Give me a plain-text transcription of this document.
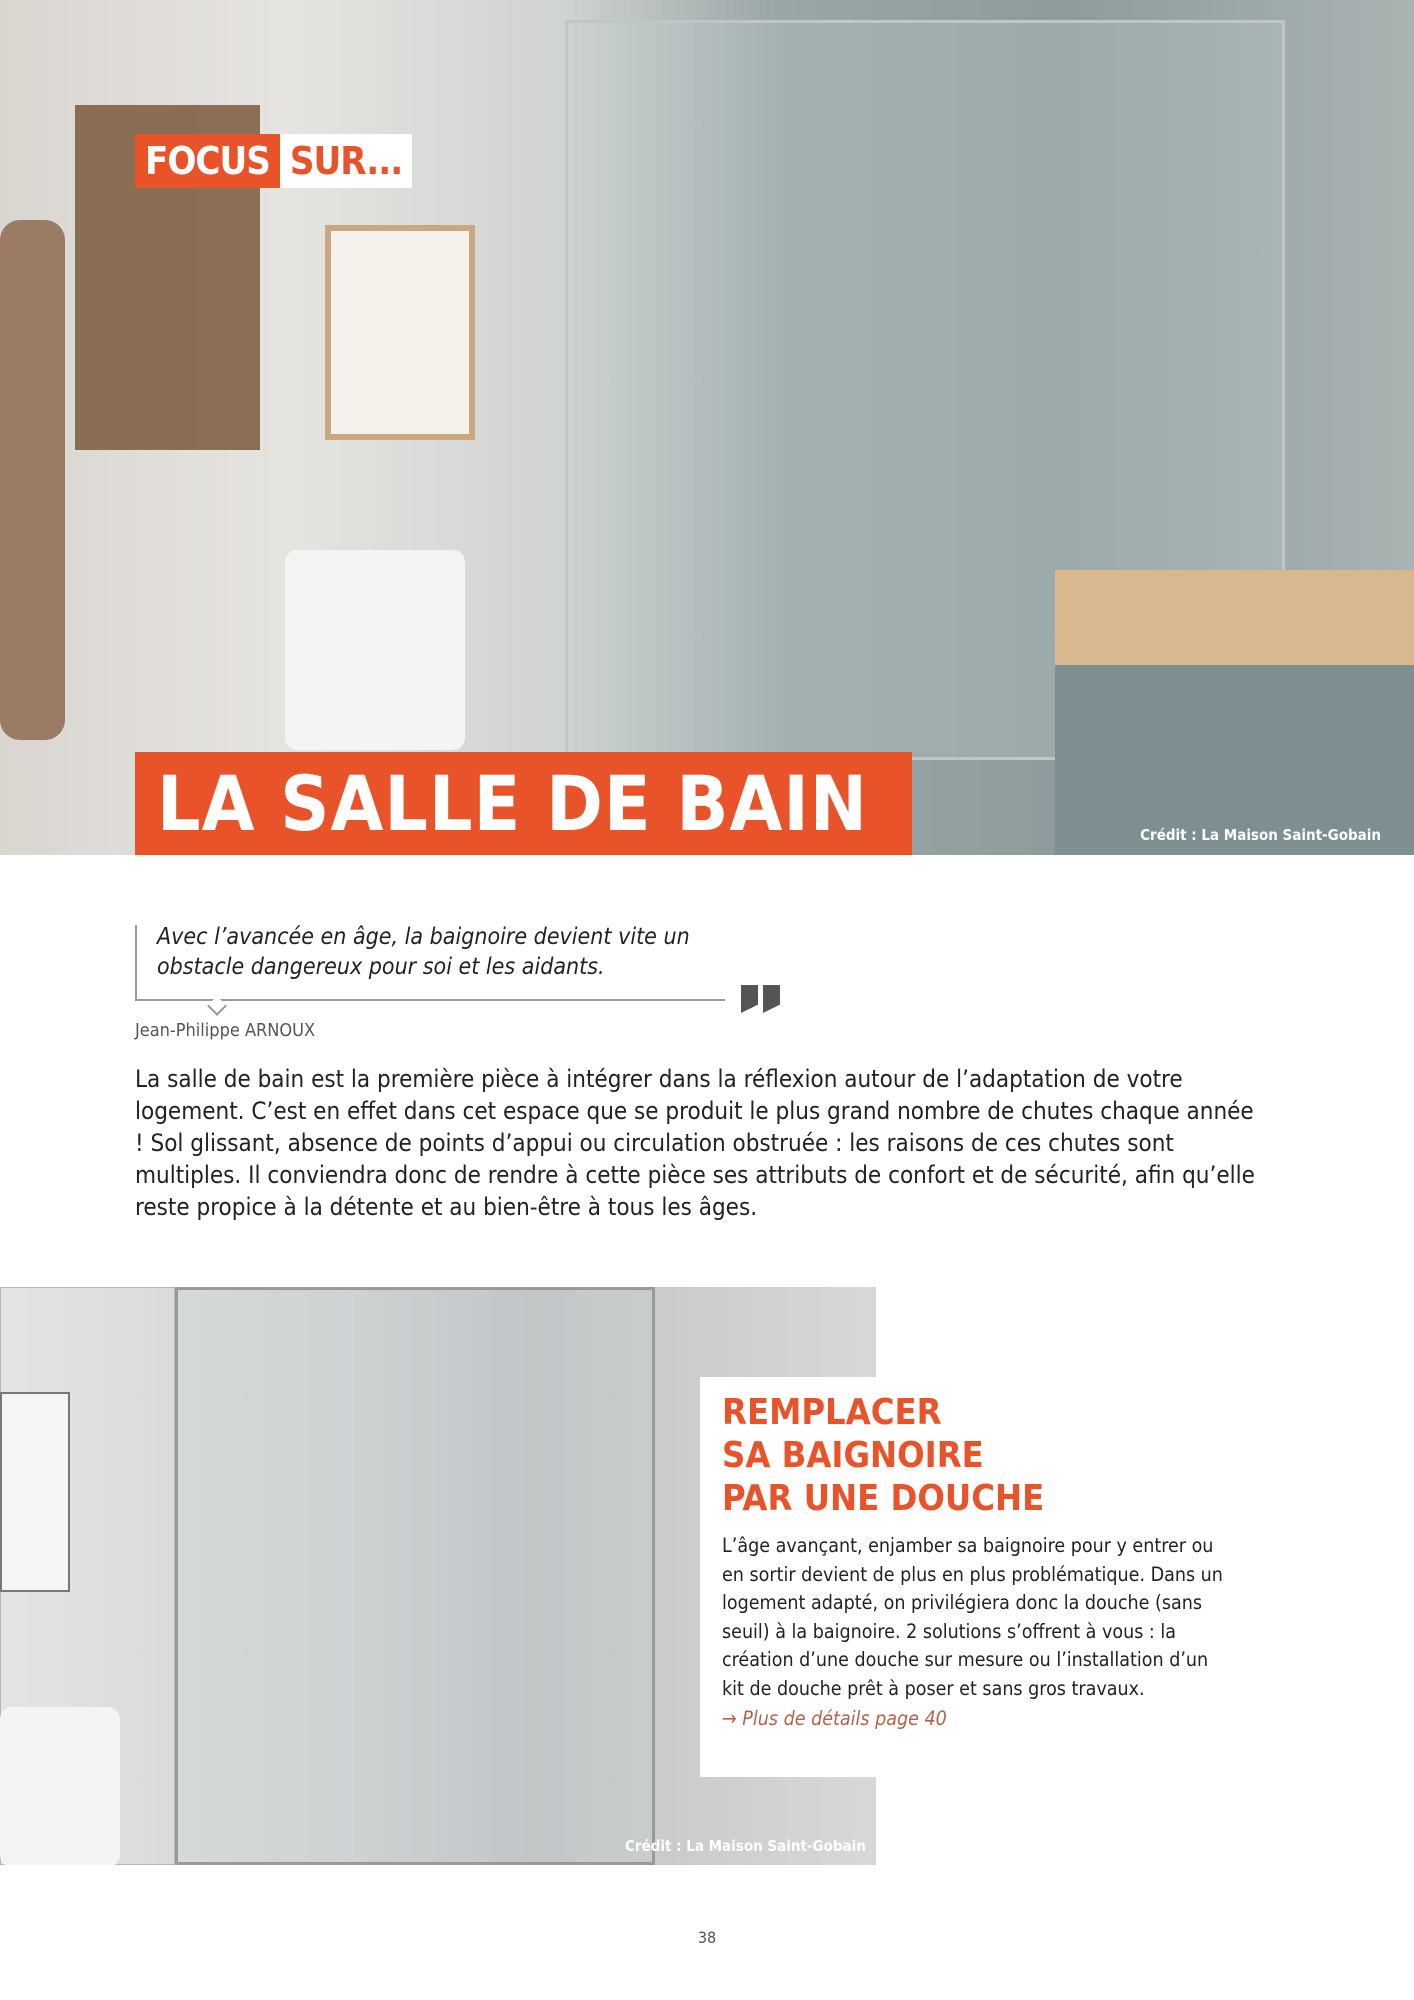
FOCUS SUR...
LA SALLE DE BAIN	Crédit : La Maison Saint-Gobain

Avec l’avancée en âge, la baignoire devient vite un obstacle dangereux pour soi et les aidants.

Jean-Philippe ARNOUX
La salle de bain est la première pièce à intégrer dans la réflexion autour de l’adaptation de votre logement. C’est en effet dans cet espace que se produit le plus grand nombre de chutes chaque année ! Sol glissant, absence de points d’appui ou circulation obstruée : les raisons de ces chutes sont multiples. Il conviendra donc de rendre à cette pièce ses attributs de confort et de sécurité, afin qu’elle reste propice à la détente et au bien-être à tous les âges.
Crédit : La Maison Saint-Gobain
REMPLACER
SA BAIGNOIRE
PAR UNE DOUCHE
L’âge avançant, enjamber sa baignoire pour y entrer ou en sortir devient de plus en plus problématique. Dans un logement adapté, on privilégiera donc la douche (sans seuil) à la baignoire. 2 solutions s’offrent à vous : la création d’une douche sur mesure ou l’installation d’un kit de douche prêt à poser et sans gros travaux.
→ Plus de détails page 40
38
